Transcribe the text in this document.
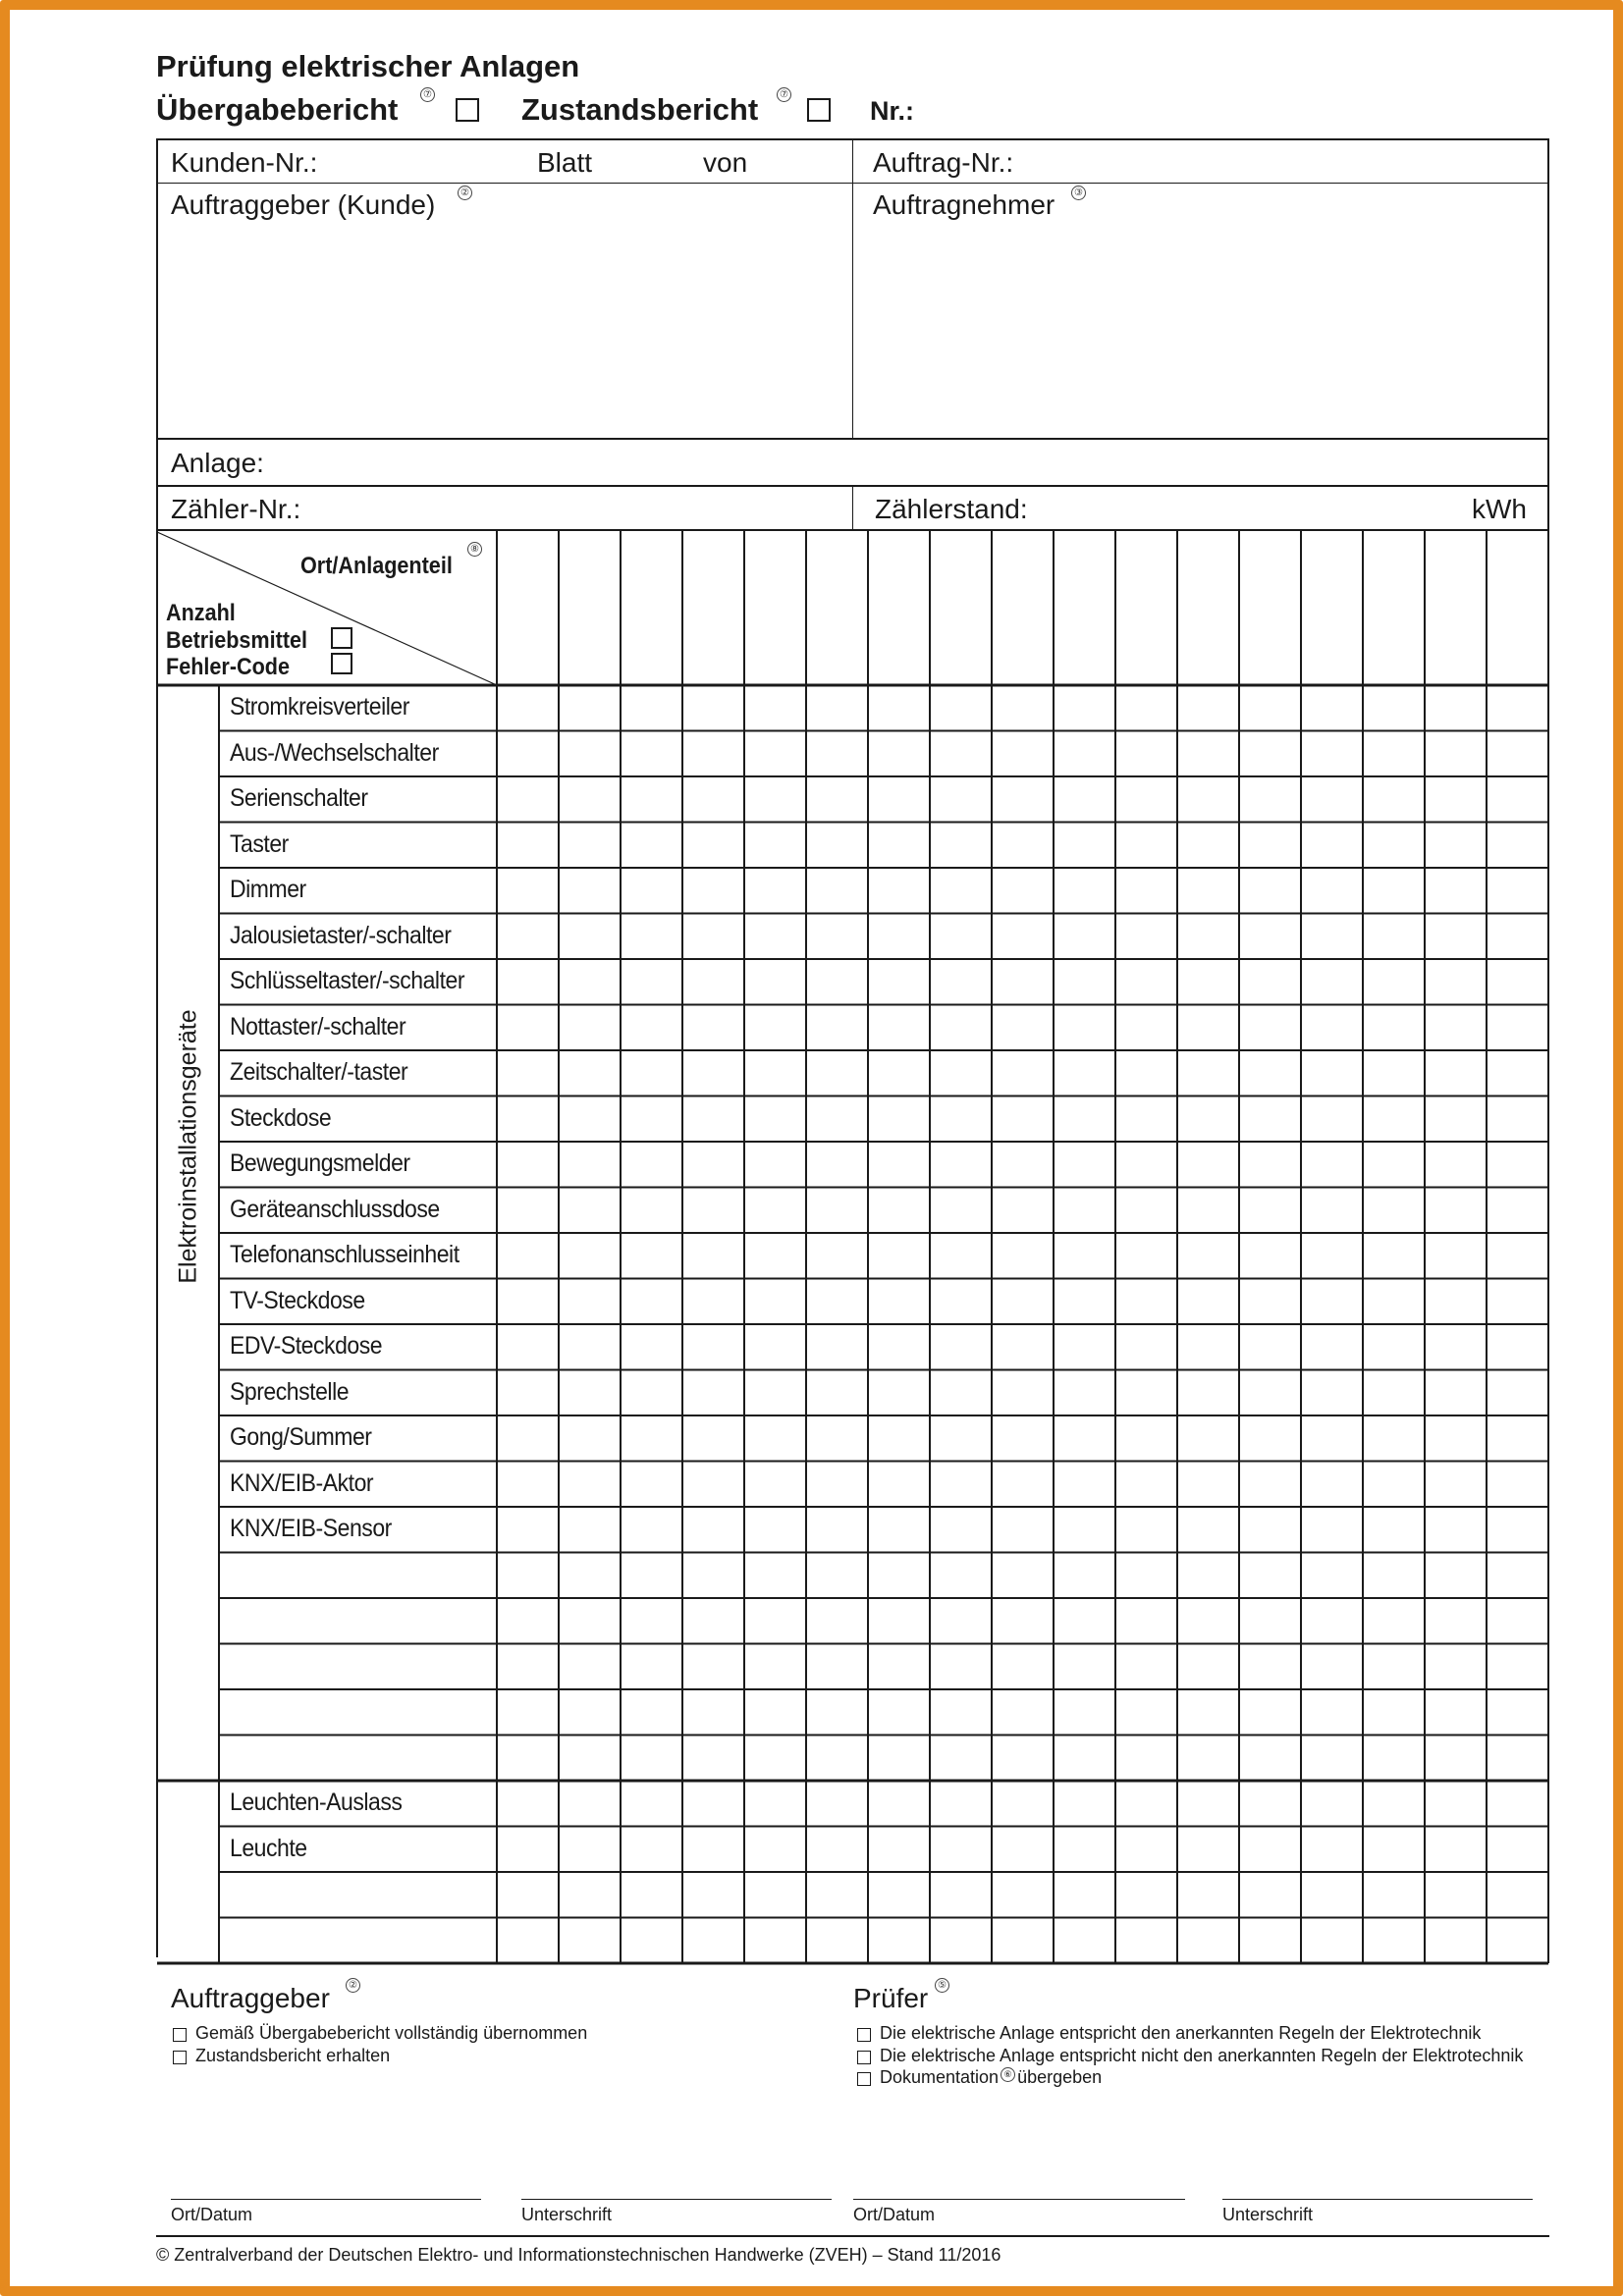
Prüfung elektrischer Anlagen
Übergabebericht	⑦	Zustandsbericht	⑦
Nr.:
Kunden-Nr.:	Blatt	von	Auftrag-Nr.:
Auftraggeber (Kunde)	②	Auftragnehmer	③
Anlage:
Zähler-Nr.:	Zählerstand:	kWh
Ort/Anlagenteil
⑧
Anzahl
Betriebsmittel
Fehler-Code
Elektroinstallationsgeräte
Stromkreisverteiler
Aus-/Wechselschalter
Serienschalter
Taster
Dimmer
Jalousietaster/-schalter
Schlüsseltaster/-schalter
Nottaster/-schalter
Zeitschalter/-taster
Steckdose
Bewegungsmelder
Geräteanschlussdose
Telefonanschlusseinheit
TV-Steckdose
EDV-Steckdose
Sprechstelle
Gong/Summer
KNX/EIB-Aktor
KNX/EIB-Sensor
Leuchten-Auslass
Leuchte
Auftraggeber	②
Gemäß Übergabebericht vollständig übernommen
Zustandsbericht erhalten
Prüfer ⑤
Die elektrische Anlage entspricht den anerkannten Regeln der Elektrotechnik
Die elektrische Anlage entspricht nicht den anerkannten Regeln der Elektrotechnik
Dokumentation ⑥ übergeben
Ort/Datum	Unterschrift	Ort/Datum	Unterschrift
© Zentralverband der Deutschen Elektro- und Informationstechnischen Handwerke (ZVEH) – Stand 11/2016
